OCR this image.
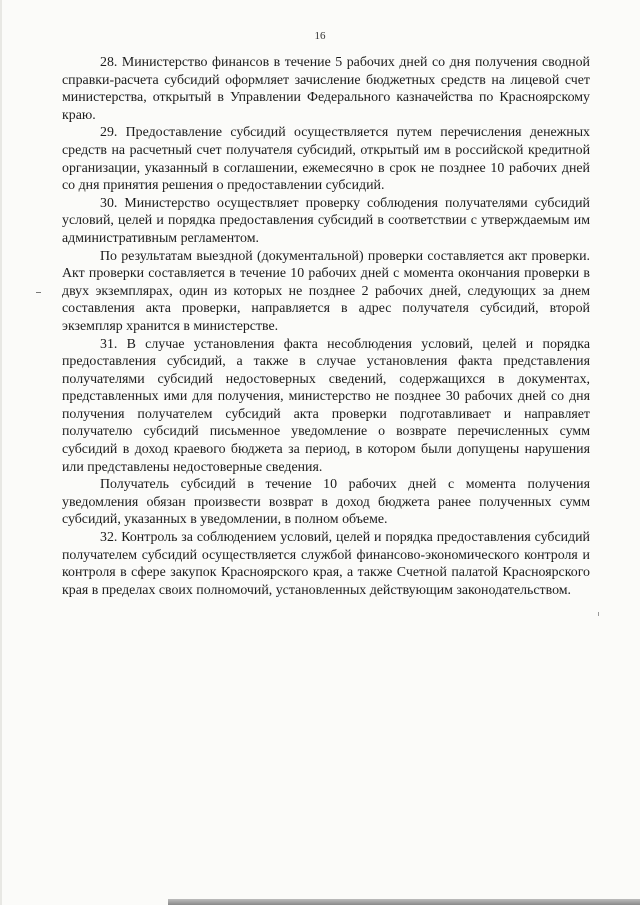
16

28. Министерство финансов в течение 5 рабочих дней со дня получения сводной справки-расчета субсидий оформляет зачисление бюджетных средств на лицевой счет министерства, открытый в Управлении Федерального казначейства по Красноярскому краю.

29. Предоставление субсидий осуществляется путем перечисления денежных средств на расчетный счет получателя субсидий, открытый им в российской кредитной организации, указанный в соглашении, ежемесячно в срок не позднее 10 рабочих дней со дня принятия решения о предоставлении субсидий.

30. Министерство осуществляет проверку соблюдения получателями субсидий условий, целей и порядка предоставления субсидий в соответствии с утверждаемым им административным регламентом.

По результатам выездной (документальной) проверки составляется акт проверки. Акт проверки составляется в течение 10 рабочих дней с момента окончания проверки в двух экземплярах, один из которых не позднее 2 рабочих дней, следующих за днем составления акта проверки, направляется в адрес получателя субсидий, второй экземпляр хранится в министерстве.

31. В случае установления факта несоблюдения условий, целей и порядка предоставления субсидий, а также в случае установления факта представления получателями субсидий недостоверных сведений, содержащихся в документах, представленных ими для получения, министерство не позднее 30 рабочих дней со дня получения получателем субсидий акта проверки подготавливает и направляет получателю субсидий письменное уведомление о возврате перечисленных сумм субсидий в доход краевого бюджета за период, в котором были допущены нарушения или представлены недостоверные сведения.

Получатель субсидий в течение 10 рабочих дней с момента получения уведомления обязан произвести возврат в доход бюджета ранее полученных сумм субсидий, указанных в уведомлении, в полном объеме.

32. Контроль за соблюдением условий, целей и порядка предоставления субсидий получателем субсидий осуществляется службой финансово-экономического контроля и контроля в сфере закупок Красноярского края, а также Счетной палатой Красноярского края в пределах своих полномочий, установленных действующим законодательством.
